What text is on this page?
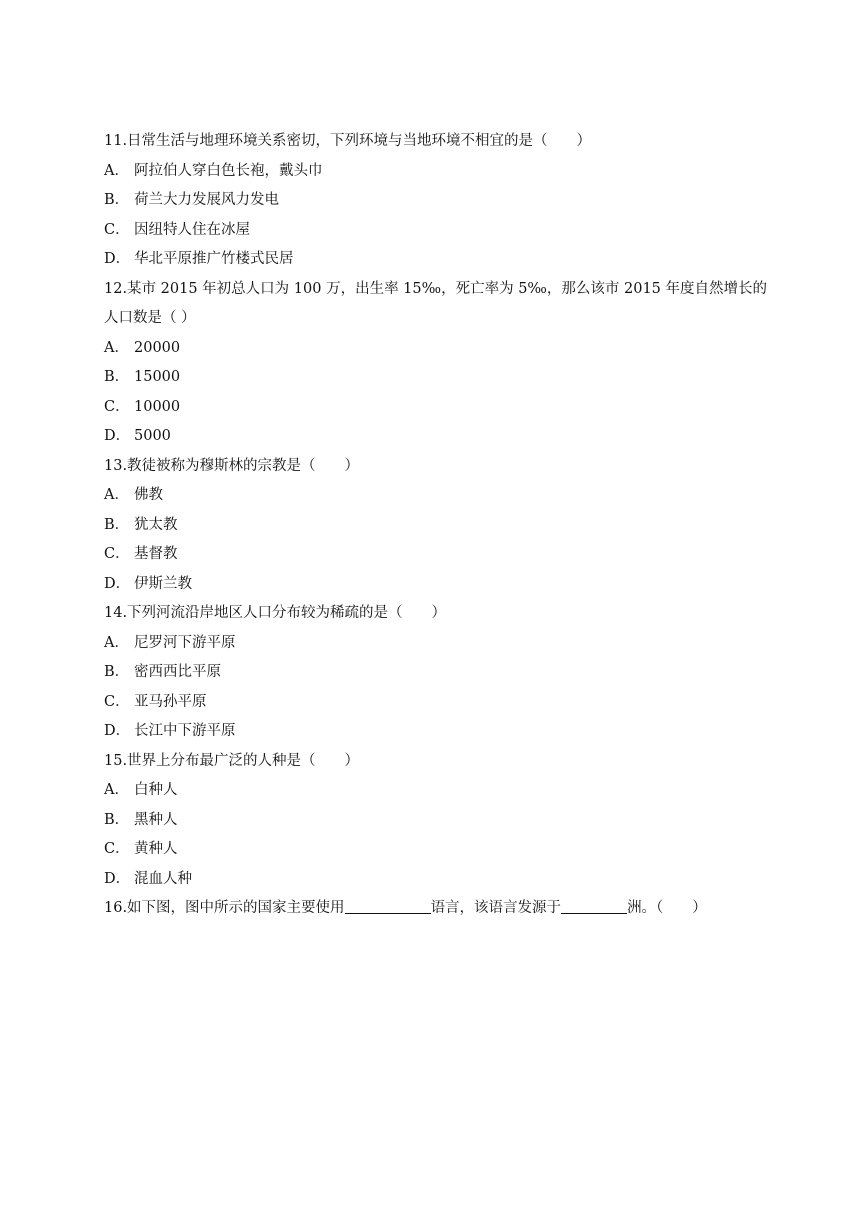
11.日常生活与地理环境关系密切，下列环境与当地环境不相宜的是（　　）
A． 阿拉伯人穿白色长袍，戴头巾
B． 荷兰大力发展风力发电
C． 因纽特人住在冰屋
D． 华北平原推广竹楼式民居
12.某市 2015 年初总人口为 100 万，出生率 15‰，死亡率为 5‰，那么该市 2015 年度自然增长的
人口数是（ ）
A． 20000
B． 15000
C． 10000
D． 5000
13.教徒被称为穆斯林的宗教是（　　）
A． 佛教
B． 犹太教
C． 基督教
D． 伊斯兰教
14.下列河流沿岸地区人口分布较为稀疏的是（　　）
A． 尼罗河下游平原
B． 密西西比平原
C． 亚马孙平原
D． 长江中下游平原
15.世界上分布最广泛的人种是（　　）
A． 白种人
B． 黑种人
C． 黄种人
D． 混血人种
16.如下图，图中所示的国家主要使用	语言，该语言发源于	洲。（　　）
